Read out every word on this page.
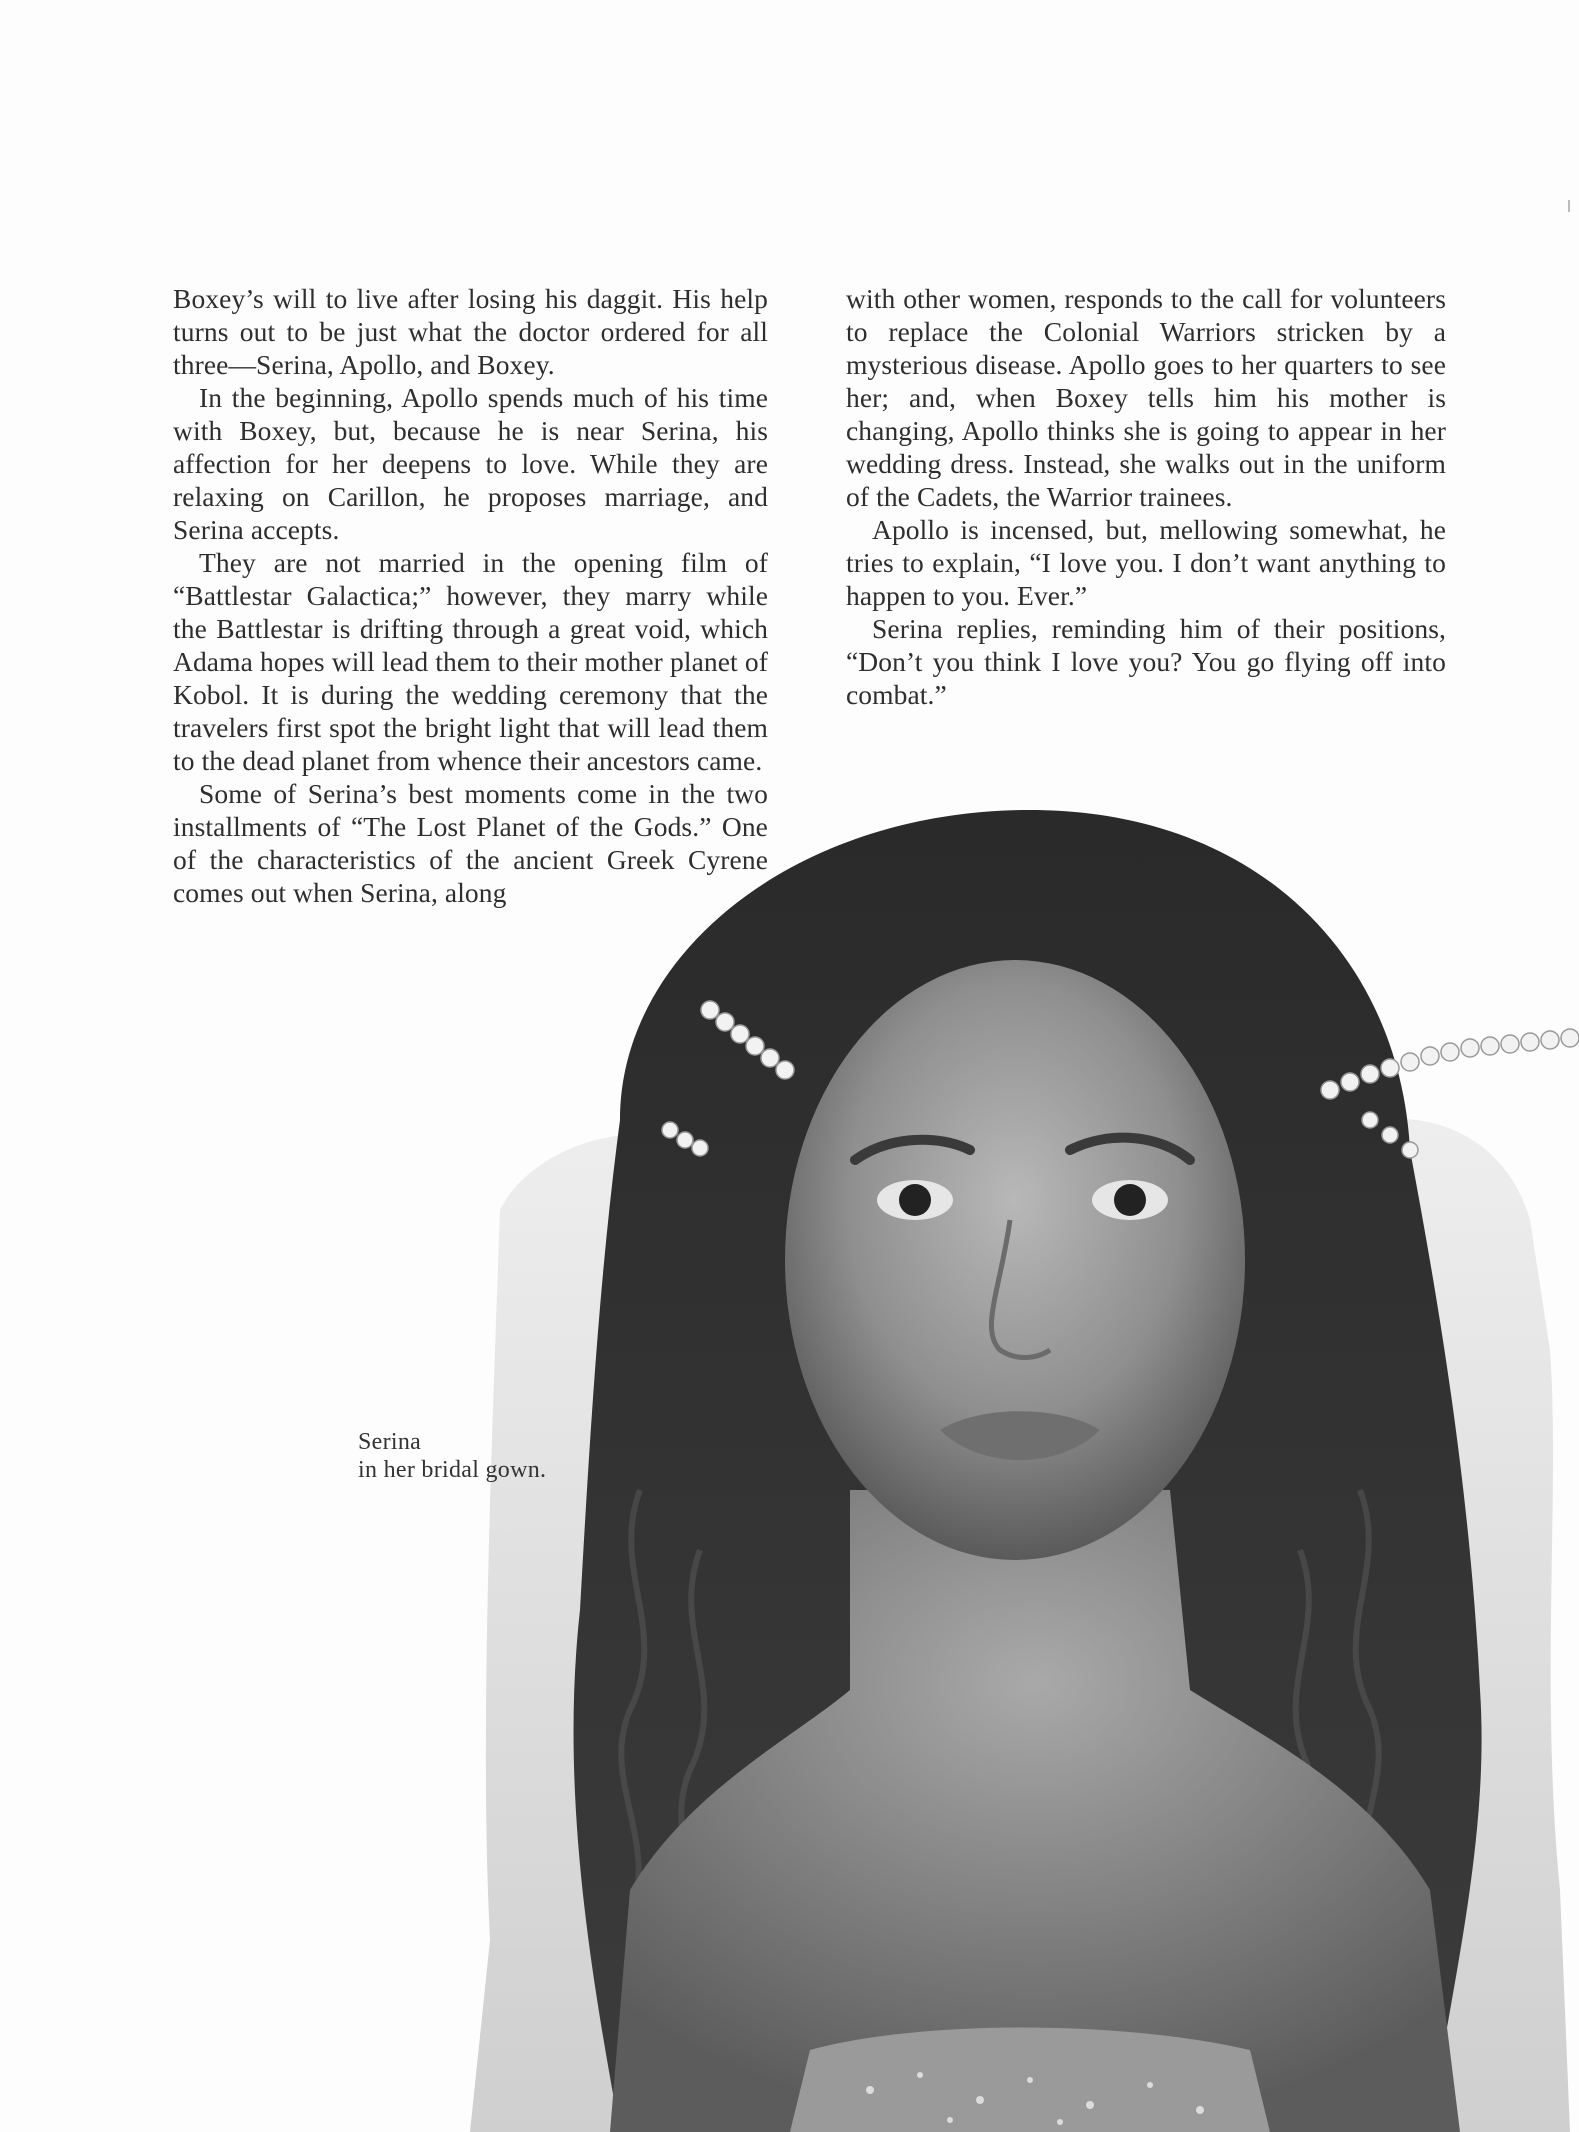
Boxey’s will to live after losing his daggit. His help turns out to be just what the doctor ordered for all three—Serina, Apollo, and Boxey.

In the beginning, Apollo spends much of his time with Boxey, but, because he is near Serina, his affection for her deepens to love. While they are relaxing on Carillon, he proposes marriage, and Serina accepts.

They are not married in the opening film of “Battlestar Galactica;” however, they marry while the Battlestar is drifting through a great void, which Adama hopes will lead them to their mother planet of Kobol. It is during the wedding ceremony that the travelers first spot the bright light that will lead them to the dead planet from whence their ancestors came.

Some of Serina’s best moments come in the two installments of “The Lost Planet of the Gods.” One of the characteristics of the ancient Greek Cyrene comes out when Serina, along

with other women, responds to the call for volunteers to replace the Colonial Warriors stricken by a mysterious disease. Apollo goes to her quarters to see her; and, when Boxey tells him his mother is changing, Apollo thinks she is going to appear in her wedding dress. Instead, she walks out in the uniform of the Cadets, the Warrior trainees.

Apollo is incensed, but, mellowing somewhat, he tries to explain, “I love you. I don’t want anything to happen to you. Ever.”

Serina replies, reminding him of their positions, “Don’t you think I love you? You go flying off into combat.”

Serina
in her bridal gown.
